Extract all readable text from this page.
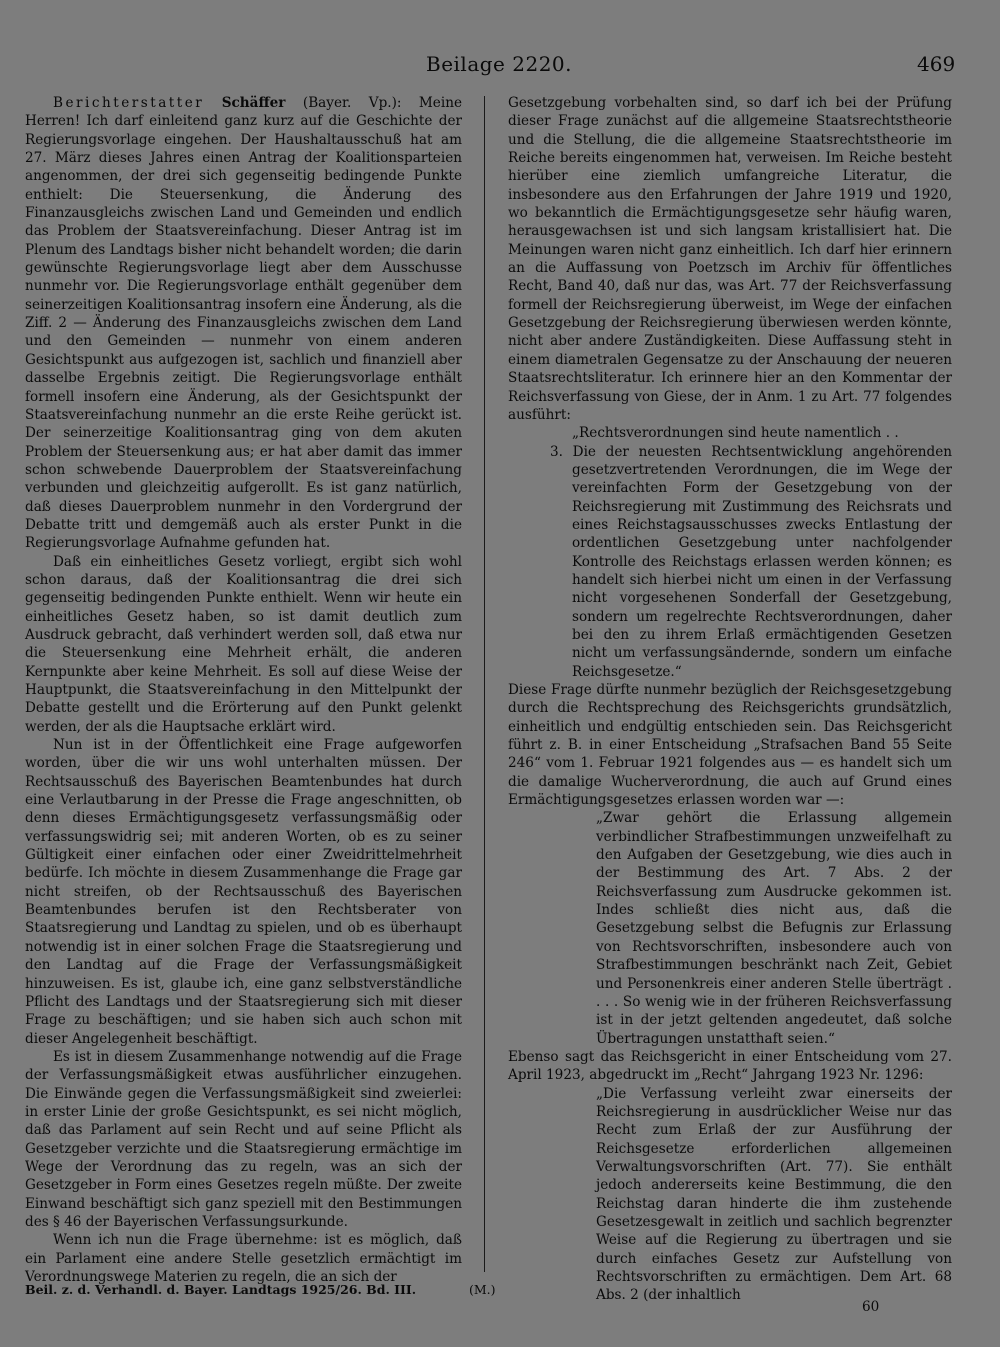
Beilage 2220.	469

Berichterstatter Schäffer (Bayer. Vp.): Meine Herren! Ich darf einleitend ganz kurz auf die Geschichte der Regierungsvorlage eingehen. Der Haushaltausschuß hat am 27. März dieses Jahres einen Antrag der Koalitionsparteien angenommen, der drei sich gegenseitig bedingende Punkte enthielt: Die Steuersenkung, die Änderung des Finanzausgleichs zwischen Land und Gemeinden und endlich das Problem der Staatsvereinfachung. Dieser Antrag ist im Plenum des Landtags bisher nicht behandelt worden; die darin gewünschte Regierungsvorlage liegt aber dem Ausschusse nunmehr vor. Die Regierungsvorlage enthält gegenüber dem seinerzeitigen Koalitionsantrag insofern eine Änderung, als die Ziff. 2 — Änderung des Finanzausgleichs zwischen dem Land und den Gemeinden — nunmehr von einem anderen Gesichtspunkt aus aufgezogen ist, sachlich und finanziell aber dasselbe Ergebnis zeitigt. Die Regierungsvorlage enthält formell insofern eine Änderung, als der Gesichtspunkt der Staatsvereinfachung nunmehr an die erste Reihe gerückt ist. Der seinerzeitige Koalitionsantrag ging von dem akuten Problem der Steuersenkung aus; er hat aber damit das immer schon schwebende Dauerproblem der Staatsvereinfachung verbunden und gleichzeitig aufgerollt. Es ist ganz natürlich, daß dieses Dauerproblem nunmehr in den Vordergrund der Debatte tritt und demgemäß auch als erster Punkt in die Regierungsvorlage Aufnahme gefunden hat.

Daß ein einheitliches Gesetz vorliegt, ergibt sich wohl schon daraus, daß der Koalitionsantrag die drei sich gegenseitig bedingenden Punkte enthielt. Wenn wir heute ein einheitliches Gesetz haben, so ist damit deutlich zum Ausdruck gebracht, daß verhindert werden soll, daß etwa nur die Steuersenkung eine Mehrheit erhält, die anderen Kernpunkte aber keine Mehrheit. Es soll auf diese Weise der Hauptpunkt, die Staatsvereinfachung in den Mittelpunkt der Debatte gestellt und die Erörterung auf den Punkt gelenkt werden, der als die Hauptsache erklärt wird.

Nun ist in der Öffentlichkeit eine Frage aufgeworfen worden, über die wir uns wohl unterhalten müssen. Der Rechtsausschuß des Bayerischen Beamtenbundes hat durch eine Verlautbarung in der Presse die Frage angeschnitten, ob denn dieses Ermächtigungsgesetz verfassungsmäßig oder verfassungswidrig sei; mit anderen Worten, ob es zu seiner Gültigkeit einer einfachen oder einer Zweidrittelmehrheit bedürfe. Ich möchte in diesem Zusammenhange die Frage gar nicht streifen, ob der Rechtsausschuß des Bayerischen Beamtenbundes berufen ist den Rechtsberater von Staatsregierung und Landtag zu spielen, und ob es überhaupt notwendig ist in einer solchen Frage die Staatsregierung und den Landtag auf die Frage der Verfassungsmäßigkeit hinzuweisen. Es ist, glaube ich, eine ganz selbstverständliche Pflicht des Landtags und der Staatsregierung sich mit dieser Frage zu beschäftigen; und sie haben sich auch schon mit dieser Angelegenheit beschäftigt.

Es ist in diesem Zusammenhange notwendig auf die Frage der Verfassungsmäßigkeit etwas ausführlicher einzugehen. Die Einwände gegen die Verfassungsmäßigkeit sind zweierlei: in erster Linie der große Gesichtspunkt, es sei nicht möglich, daß das Parlament auf sein Recht und auf seine Pflicht als Gesetzgeber verzichte und die Staatsregierung ermächtige im Wege der Verordnung das zu regeln, was an sich der Gesetzgeber in Form eines Gesetzes regeln müßte. Der zweite Einwand beschäftigt sich ganz speziell mit den Bestimmungen des § 46 der Bayerischen Verfassungsurkunde.

Wenn ich nun die Frage übernehme: ist es möglich, daß ein Parlament eine andere Stelle gesetzlich ermächtigt im Verordnungswege Materien zu regeln, die an sich der

Gesetzgebung vorbehalten sind, so darf ich bei der Prüfung dieser Frage zunächst auf die allgemeine Staatsrechtstheorie und die Stellung, die die allgemeine Staatsrechtstheorie im Reiche bereits eingenommen hat, verweisen. Im Reiche besteht hierüber eine ziemlich umfangreiche Literatur, die insbesondere aus den Erfahrungen der Jahre 1919 und 1920, wo bekanntlich die Ermächtigungsgesetze sehr häufig waren, herausgewachsen ist und sich langsam kristallisiert hat. Die Meinungen waren nicht ganz einheitlich. Ich darf hier erinnern an die Auffassung von Poetzsch im Archiv für öffentliches Recht, Band 40, daß nur das, was Art. 77 der Reichsverfassung formell der Reichsregierung überweist, im Wege der einfachen Gesetzgebung der Reichsregierung überwiesen werden könnte, nicht aber andere Zuständigkeiten. Diese Auffassung steht in einem diametralen Gegensatze zu der Anschauung der neueren Staatsrechtsliteratur. Ich erinnere hier an den Kommentar der Reichsverfassung von Giese, der in Anm. 1 zu Art. 77 folgendes ausführt:

„Rechtsverordnungen sind heute namentlich . .

3. Die der neuesten Rechtsentwicklung angehörenden gesetzvertretenden Verordnungen, die im Wege der vereinfachten Form der Gesetzgebung von der Reichsregierung mit Zustimmung des Reichsrats und eines Reichstagsausschusses zwecks Entlastung der ordentlichen Gesetzgebung unter nachfolgender Kontrolle des Reichstags erlassen werden können; es handelt sich hierbei nicht um einen in der Verfassung nicht vorgesehenen Sonderfall der Gesetzgebung, sondern um regelrechte Rechtsverordnungen, daher bei den zu ihrem Erlaß ermächtigenden Gesetzen nicht um verfassungsändernde, sondern um einfache Reichsgesetze.“

Diese Frage dürfte nunmehr bezüglich der Reichsgesetzgebung durch die Rechtsprechung des Reichsgerichts grundsätzlich, einheitlich und endgültig entschieden sein. Das Reichsgericht führt z. B. in einer Entscheidung „Strafsachen Band 55 Seite 246“ vom 1. Februar 1921 folgendes aus — es handelt sich um die damalige Wucherverordnung, die auch auf Grund eines Ermächtigungsgesetzes erlassen worden war —:

„Zwar gehört die Erlassung allgemein verbindlicher Strafbestimmungen unzweifelhaft zu den Aufgaben der Gesetzgebung, wie dies auch in der Bestimmung des Art. 7 Abs. 2 der Reichsverfassung zum Ausdrucke gekommen ist. Indes schließt dies nicht aus, daß die Gesetzgebung selbst die Befugnis zur Erlassung von Rechtsvorschriften, insbesondere auch von Strafbestimmungen beschränkt nach Zeit, Gebiet und Personenkreis einer anderen Stelle überträgt . . . . So wenig wie in der früheren Reichsverfassung ist in der jetzt geltenden angedeutet, daß solche Übertragungen unstatthaft seien.“

Ebenso sagt das Reichsgericht in einer Entscheidung vom 27. April 1923, abgedruckt im „Recht“ Jahrgang 1923 Nr. 1296:

„Die Verfassung verleiht zwar einerseits der Reichsregierung in ausdrücklicher Weise nur das Recht zum Erlaß der zur Ausführung der Reichsgesetze erforderlichen allgemeinen Verwaltungsvorschriften (Art. 77). Sie enthält jedoch andererseits keine Bestimmung, die den Reichstag daran hinderte die ihm zustehende Gesetzesgewalt in zeitlich und sachlich begrenzter Weise auf die Regierung zu übertragen und sie durch einfaches Gesetz zur Aufstellung von Rechtsvorschriften zu ermächtigen. Dem Art. 68 Abs. 2 (der inhaltlich

Beil. z. d. Verhandl. d. Bayer. Landtags 1925/26. Bd. III.	(M.)
60
